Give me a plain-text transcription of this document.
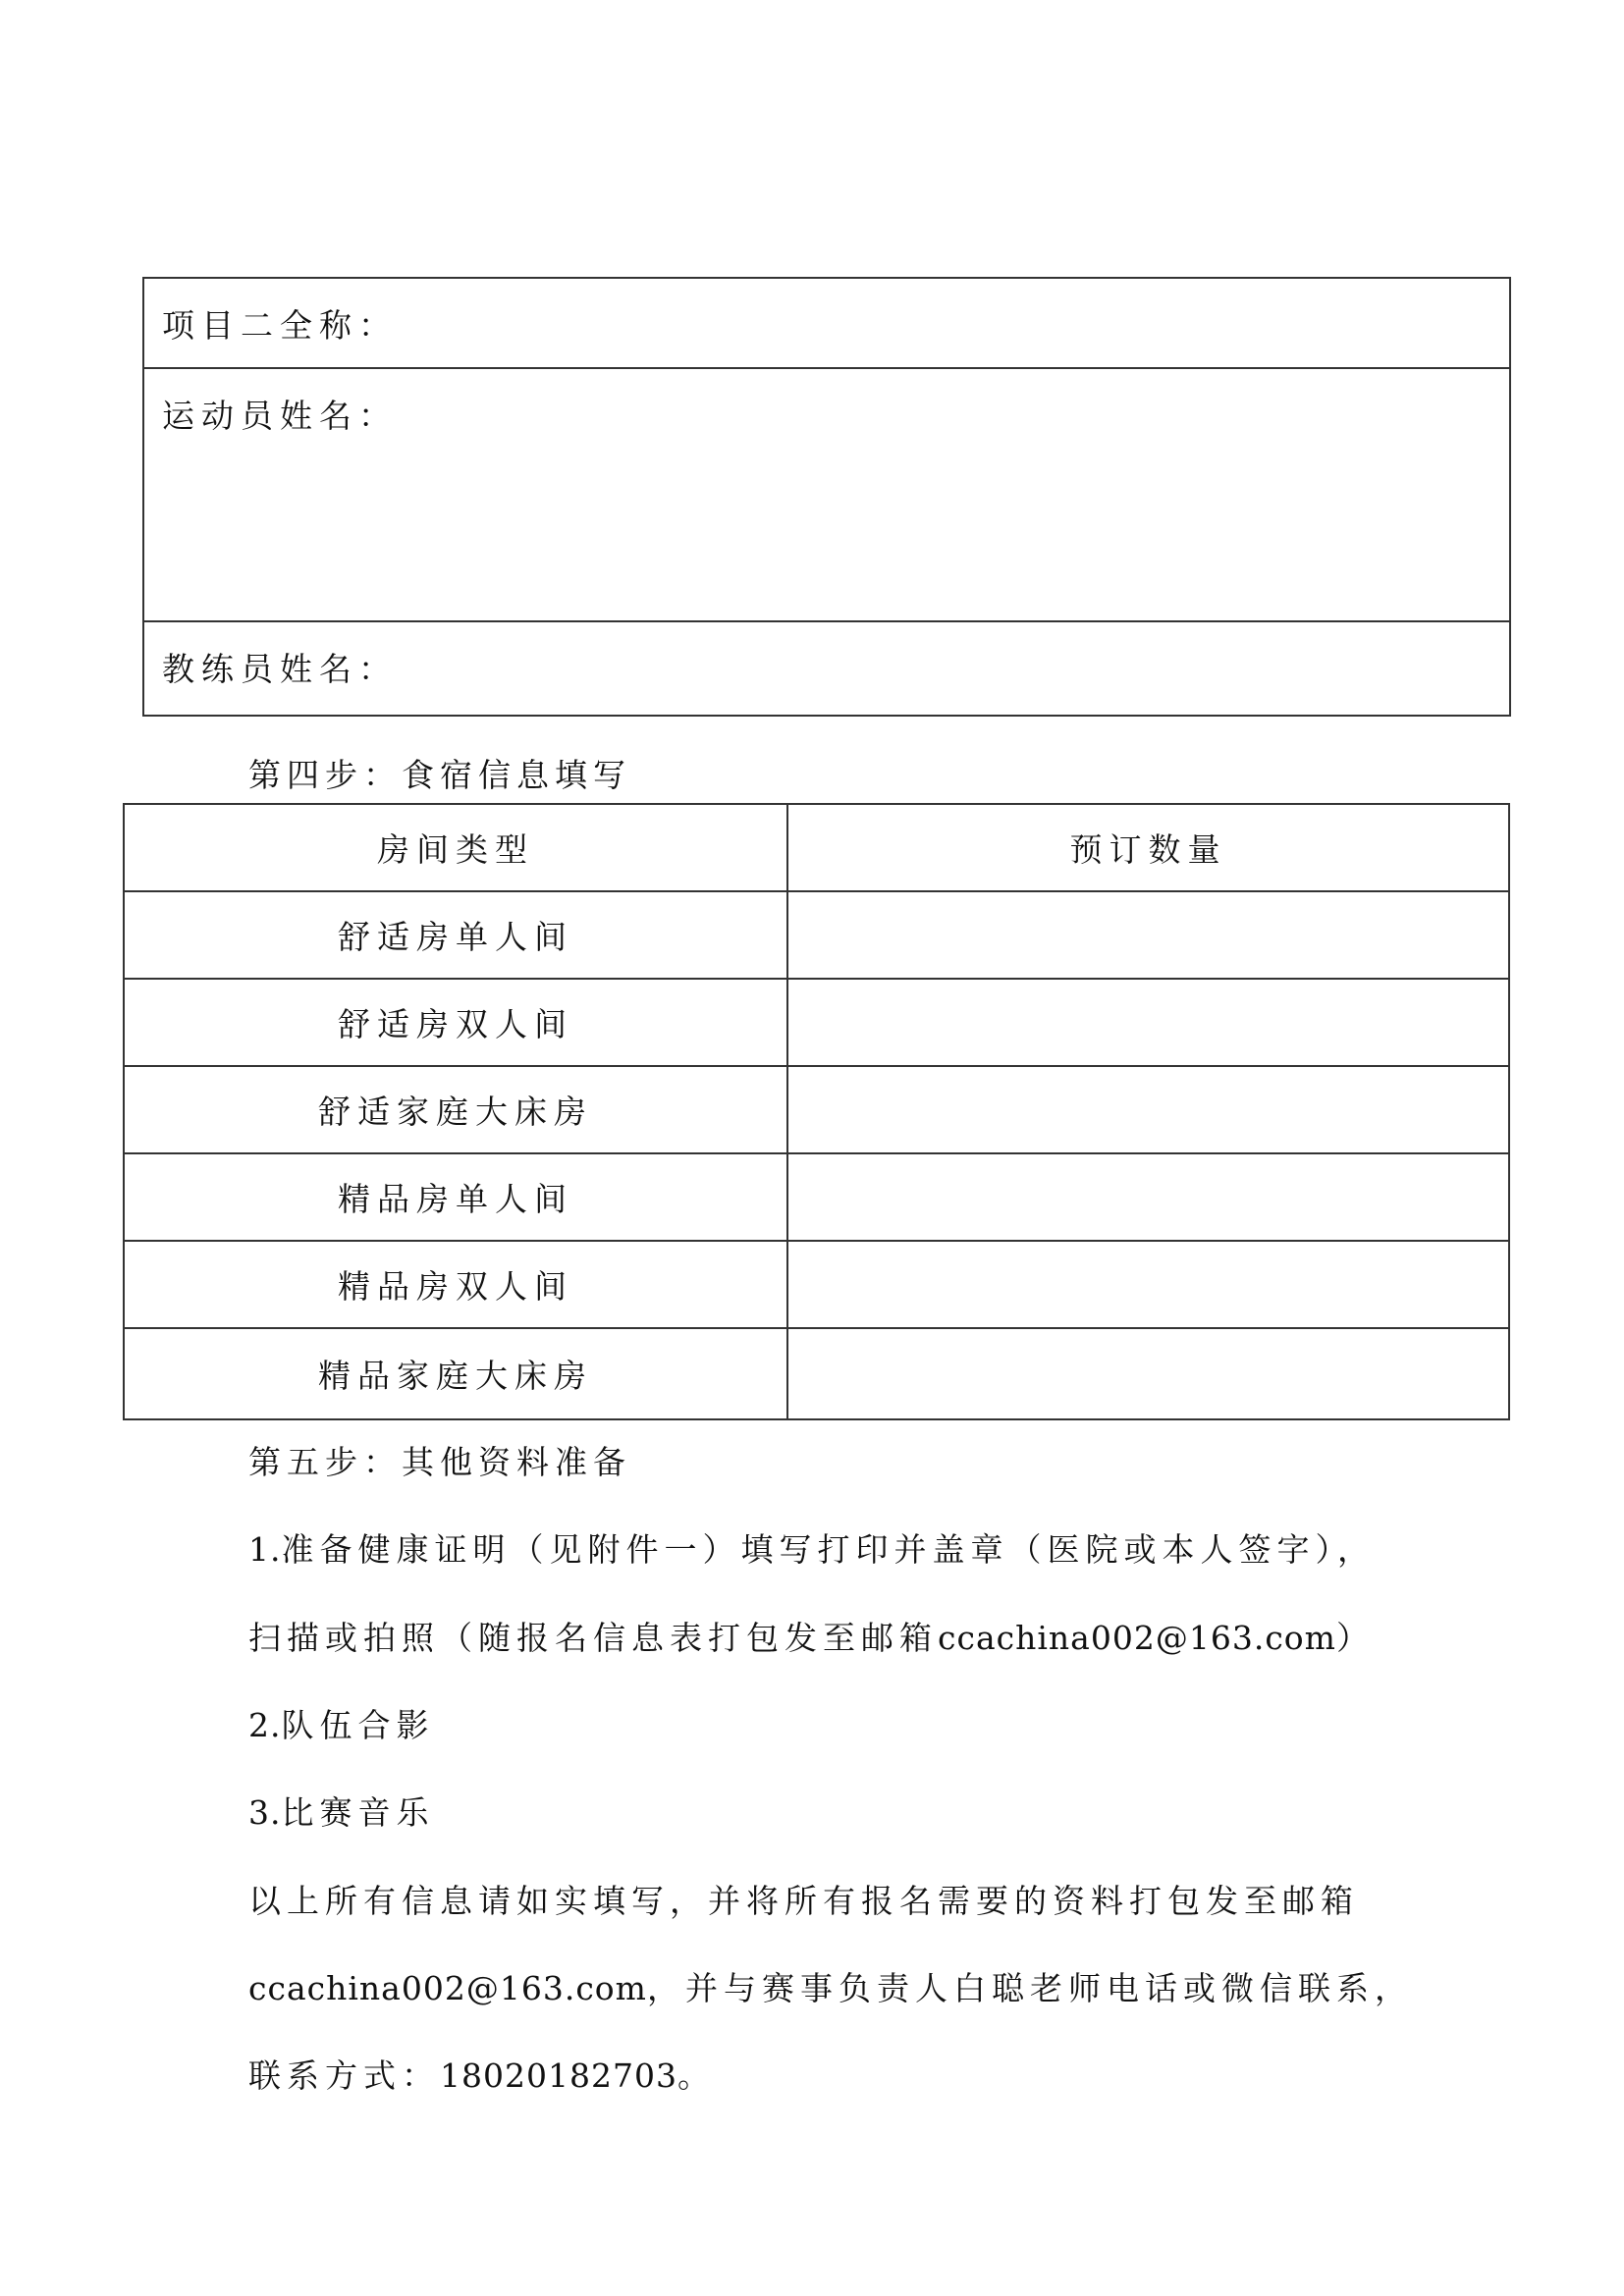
项目二全称：
运动员姓名：
教练员姓名：

第四步：食宿信息填写

房间类型	预订数量
舒适房单人间	
舒适房双人间	
舒适家庭大床房	
精品房单人间	
精品房双人间	
精品家庭大床房	

第五步：其他资料准备

1.准备健康证明（见附件一）填写打印并盖章（医院或本人签字），

扫描或拍照（随报名信息表打包发至邮箱ccachina002@163.com）

2.队伍合影

3.比赛音乐

以上所有信息请如实填写，并将所有报名需要的资料打包发至邮箱

ccachina002@163.com，并与赛事负责人白聪老师电话或微信联系，

联系方式：18020182703。
